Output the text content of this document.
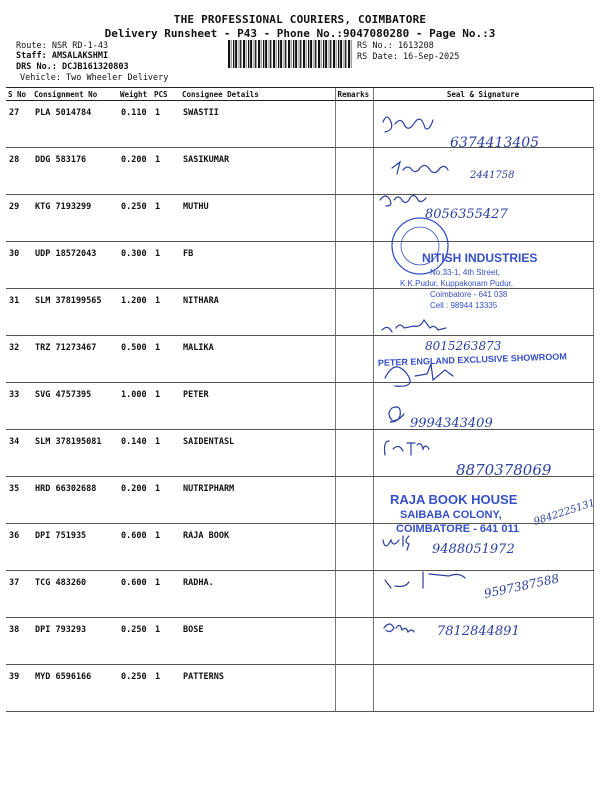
THE PROFESSIONAL COURIERS, COIMBATORE
Delivery Runsheet - P43 - Phone No.:9047080280 - Page No.:3
Route: NSR RD-1-43
Staff: AMSALAKSHMI
DRS No.: DCJB161320803
Vehicle: Two Wheeler Delivery
RS No.: 1613208
RS Date: 16-Sep-2025
S No	Consignment No	Weight	PCS	Consignee Details	Remarks	Seal & Signature
27	PLA 5014784	0.110	1	SWASTII		
28	DDG 583176	0.200	1	SASIKUMAR		
29	KTG 7193299	0.250	1	MUTHU		
30	UDP 18572043	0.300	1	FB		
31	SLM 378199565	1.200	1	NITHARA		
32	TRZ 71273467	0.500	1	MALIKA		
33	SVG 4757395	1.000	1	PETER		
34	SLM 378195081	0.140	1	SAIDENTASL		
35	HRD 66302688	0.200	1	NUTRIPHARM		
36	DPI 751935	0.600	1	RAJA BOOK		
37	TCG 483260	0.600	1	RADHA.		
38	DPI 793293	0.250	1	BOSE		
39	MYD 6596166	0.250	1	PATTERNS		
6374413405
2441758
8056355427
8015263873
9994343409
8870378069
9842225131
9488051972
9597387588
7812844891
NITISH INDUSTRIES
No.33-1, 4th Street,
K.K.Pudur, Kuppakonam Pudur,
Coimbatore - 641 038
Cell : 98944 13335
PETER ENGLAND EXCLUSIVE SHOWROOM
RAJA BOOK HOUSE
SAIBABA COLONY,
COIMBATORE - 641 011
